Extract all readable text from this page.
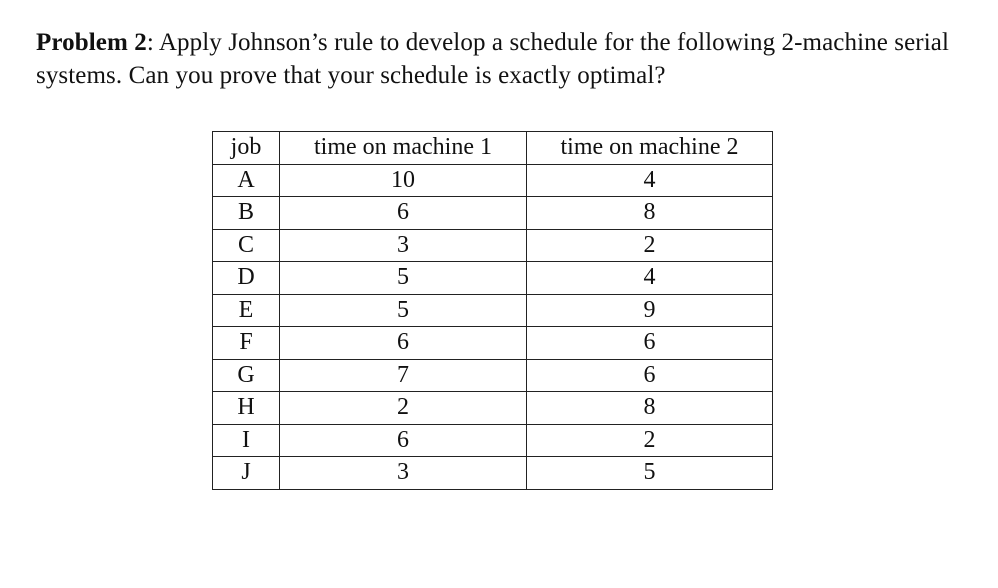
Problem 2: Apply Johnson’s rule to develop a schedule for the following 2-machine serial systems. Can you prove that your schedule is exactly optimal?
job	time on machine 1	time on machine 2
A	10	4
B	6	8
C	3	2
D	5	4
E	5	9
F	6	6
G	7	6
H	2	8
I	6	2
J	3	5
